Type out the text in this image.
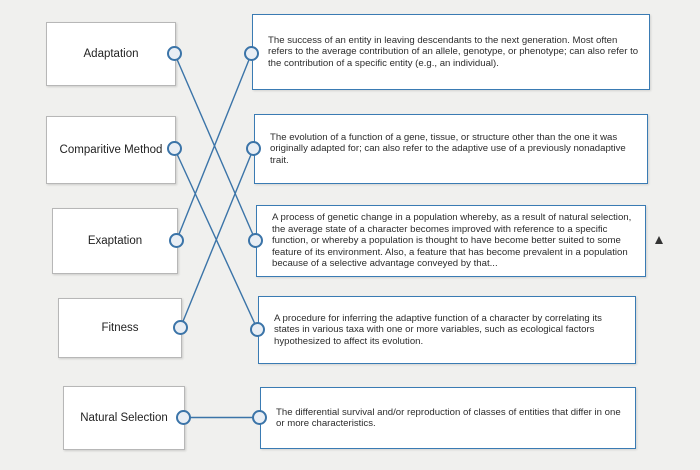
Adaptation
Comparitive Method
Exaptation
Fitness
Natural Selection
The success of an entity in leaving descendants to the next generation. Most often refers to the average contribution of an allele, genotype, or phenotype; can also refer to the contribution of a specific entity (e.g., an individual).
The evolution of a function of a gene, tissue, or structure other than the one it was originally adapted for; can also refer to the adaptive use of a previously nonadaptive trait.
A process of genetic change in a population whereby, as a result of natural selection, the average state of a character becomes improved with reference to a specific function, or whereby a population is thought to have become better suited to some feature of its environment. Also, a feature that has become prevalent in a population because of a selective advantage conveyed by that...
A procedure for inferring the adaptive function of a character by correlating its states in various taxa with one or more variables, such as ecological factors hypothesized to affect its evolution.
The differential survival and/or reproduction of classes of entities that differ in one or more characteristics.
